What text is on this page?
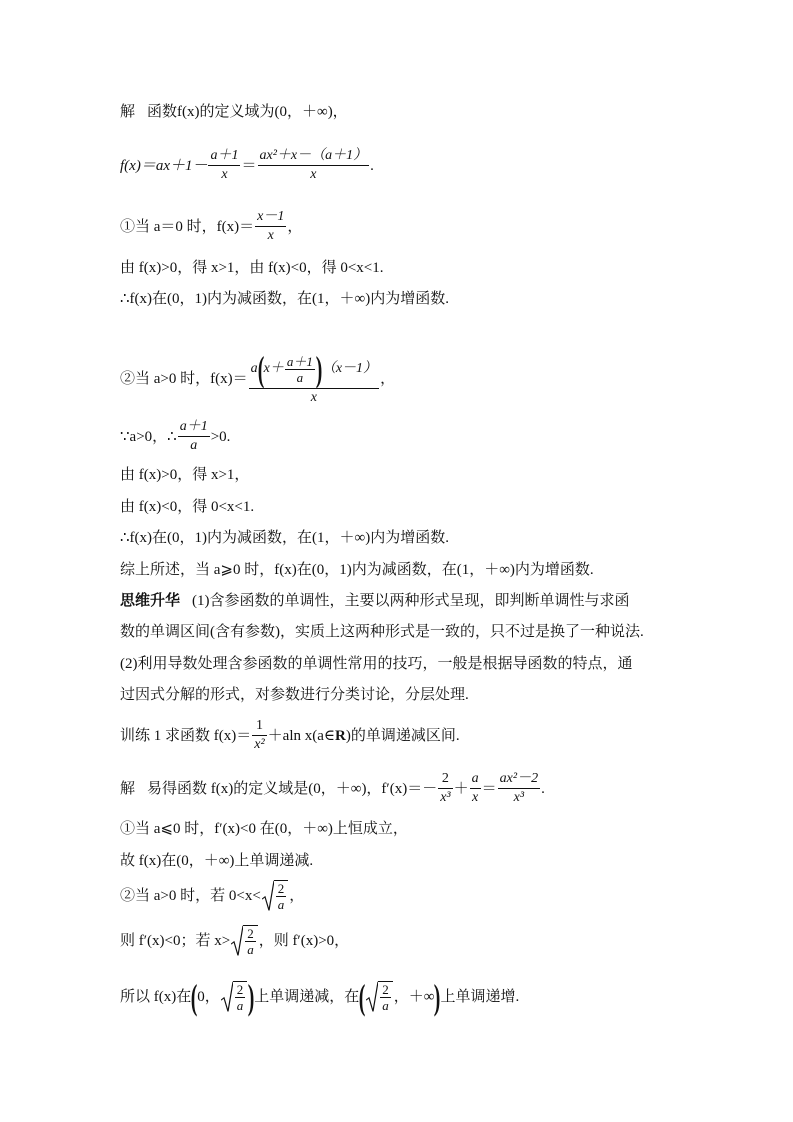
解 函数f(x)的定义域为(0，＋∞)，
$f(x)=ax+1- \frac{a+1}{x} = \frac{\text{ax²＋x－（a＋1）}}{x}$ .
①当 a＝0 时，$f(x)= \frac{x-1}{x}$ ，
由 f(x)>0，得 x>1，由 f(x)<0，得 0<x<1.
∴f(x)在(0，1)内为减函数，在(1，＋∞)内为增函数.
②当 a>0 时，f(x)＝
a ( $x+ \frac{a+1}{a}$ ) （x－1）
x
，
∵a>0，∴ $\frac{a+1}{a} >0$.
由 f(x)>0，得 x>1，
由 f(x)<0，得 0<x<1.
∴f(x)在(0，1)内为减函数，在(1，＋∞)内为增函数.
综上所述，当 a⩾0 时，f(x)在(0，1)内为减函数，在(1，＋∞)内为增函数.
思维升华 (1)含参函数的单调性，主要以两种形式呈现，即判断单调性与求函
数的单调区间(含有参数)，实质上这两种形式是一致的，只不过是换了一种说法.
(2)利用导数处理含参函数的单调性常用的技巧，一般是根据导函数的特点，通
过因式分解的形式，对参数进行分类讨论，分层处理.
训练 1 求函数 $f(x)= \frac{1}{\text{x²}} +aln$ x(a∈ R )的单调递减区间.
解 易得函数 f(x)的定义域是(0，＋∞)，$f'(x)=- \frac{2}{\text{x³}} + \frac{a}{x} = \frac{\text{ax²－2}}{\text{x³}}$ .
①当 a⩽0 时，f′(x)<0 在(0，＋∞)上恒成立，
故 f(x)在(0，＋∞)上单调递减.
②当 a>0 时，若 $0<x< \frac{2}{a}$ ，
则 f′(x)<0；若 $x> \frac{2}{a}$ ，则 f′(x)>0，
所以 f(x)在 ( 0， $\frac{2}{a}$ ) 上单调递减，在 ( $\frac{2}{a}$ ，＋∞ ) 上单调递增.
